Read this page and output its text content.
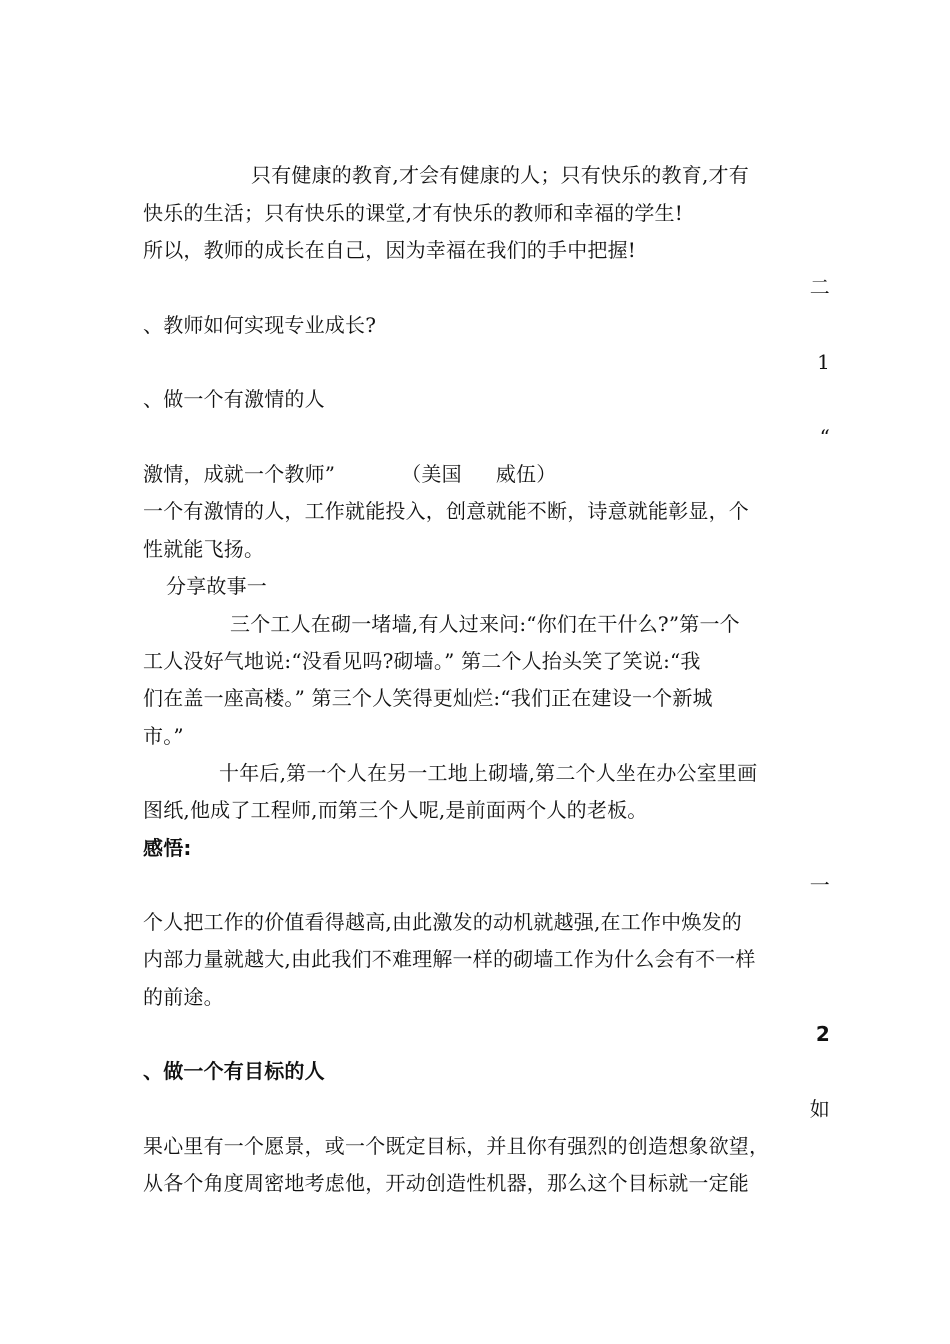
只有健康的教育,才会有健康的人；只有快乐的教育,才有
快乐的生活；只有快乐的课堂,才有快乐的教师和幸福的学生!
所以，教师的成长在自己，因为幸福在我们的手中把握!
二
、教师如何实现专业成长?
1
、做一个有激情的人
“
激情，成就一个教师”	（美国 威伍）
一个有激情的人，工作就能投入，创意就能不断，诗意就能彰显，个
性就能飞扬。
分享故事一
三个工人在砌一堵墙,有人过来问:“你们在干什么?”第一个
工人没好气地说:“没看见吗?砌墙。” 第二个人抬头笑了笑说:“我
们在盖一座高楼。” 第三个人笑得更灿烂:“我们正在建设一个新城
市。”
十年后,第一个人在另一工地上砌墙,第二个人坐在办公室里画
图纸,他成了工程师,而第三个人呢,是前面两个人的老板。
感悟:
一
个人把工作的价值看得越高,由此激发的动机就越强,在工作中焕发的
内部力量就越大,由此我们不难理解一样的砌墙工作为什么会有不一样
的前途。
2
、做一个有目标的人
如
果心里有一个愿景，或一个既定目标，并且你有强烈的创造想象欲望，
从各个角度周密地考虑他，开动创造性机器，那么这个目标就一定能
